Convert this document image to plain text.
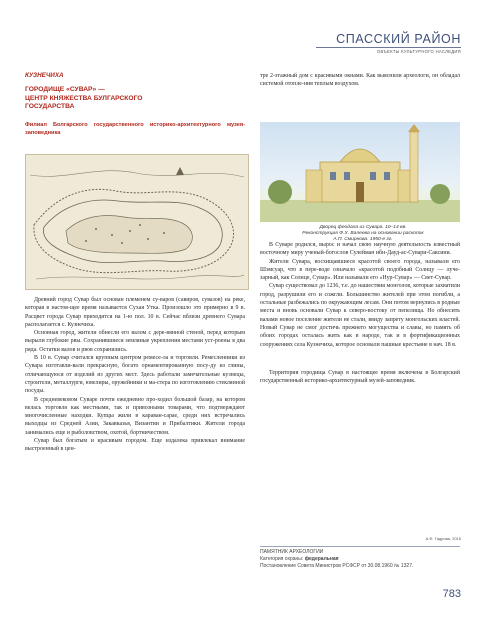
СПАССКИЙ РАЙОН
ОБЪЕКТЫ КУЛЬТУРНОГО НАСЛЕДИЯ
КУЗНЕЧИХА
ГОРОДИЩЕ «СУВАР» —
ЦЕНТР КНЯЖЕСТВА БУЛГАРСКОГО
ГОСУДАРСТВА
Филиал Болгарского государственного историко-архитектурного музея-заповедника

Древний город Сувар был основан племенем су-варов (савиров, сувазов) на реке, которая в настоя-щее время называется Сухая Утка. Произошло это примерно в 9 в. Расцвет города Сувар приходится на 1-ю пол. 10 в. Сейчас вблизи древнего Сувара располагается с. Кузнечиха.

Основная город, жители обнесли его валом с дере-вянной стеной, перед которым вырыли глубокие рвы. Сохранившиеся земляные укрепления местами уст-роены в два ряда. Остатки валов и рвов сохранились.

В 10 в. Сувар считался крупным центром ремесе-ла и торговли. Ремесленники из Сувара изготавли-вали прекрасную, богато орнаментированную посу-ду из глины, отличающуюся от изделий из других мест. Здесь работали замечательные кузнецы, строители, металлурги, ювелиры, оружейники и ма-стера по изготовлению стеклянной посуды.

В средневековом Суваре почти ежедневно про-ходил большой базар, на котором велась торговля как местными, так и привозными товарами, что подтверждают многочисленные находки. Купцы жили в караван-сарае, среди них встречались выходцы из Средней Азии, Закавказья, Византии и Прибалтики. Жители города занимались еще и рыболовством, охотой, бортничеством.

Сувар был богатым и красивым городом. Еще издалека привлекал внимание выстроенный в цен-

тре 2-этажный дом с красивыми окнами. Как выяснили археологи, он обладал системой отопле-ния теплым воздухом.

Дворец феодала из Сувара. 10–14 вв.
Реконструкция Ф.Х. Валеева на основании раскопок
А.П. Смирнова. 1950-е гг.

В Суваре родился, вырос и начал свою научную деятельность известный восточному миру ученый-богослов Сулейман ибн-Дауд-ас-Сувари-Саксини.

Жители Сувара, восхищавшиеся красотой своего города, называли его Шэмсуар, что в пере-воде означало «красотой подобный Солнцу — луче-зарный, как Солнце, Сувар». Или называли его «Нур-Сувар» — Свет-Сувар.

Сувар существовал до 1236, т.е. до нашествия монголов, которые захватили город, разрушили его и сожгли. Большинство жителей при этом погибли, а остальные разбежались по окружающим лесам. Они потом вернулись в родные места и вновь основали Сувар к северо-востоку от пепелища. Но обнесить валами новое поселение жители не стали, ввиду запрету монгольских властей. Новый Сувар не смог достичь прежнего могущества и славы, но память об обоих городах осталась жить как в народе, так и в фортификационных сооружениях села Кузнечиха, которое основали пашные крестьяне в нач. 18 в.

Территория городища Сувар в настоящее время включена в Болгарский государственный историко-архитектурный музей-заповедник.

А.Ф. Гадрова, 2015
ПАМЯТНИК АРХЕОЛОГИИ
Категория охраны: федеральная
Постановление Совета Министров РСФСР от 30.08.1960 № 1327.
783
